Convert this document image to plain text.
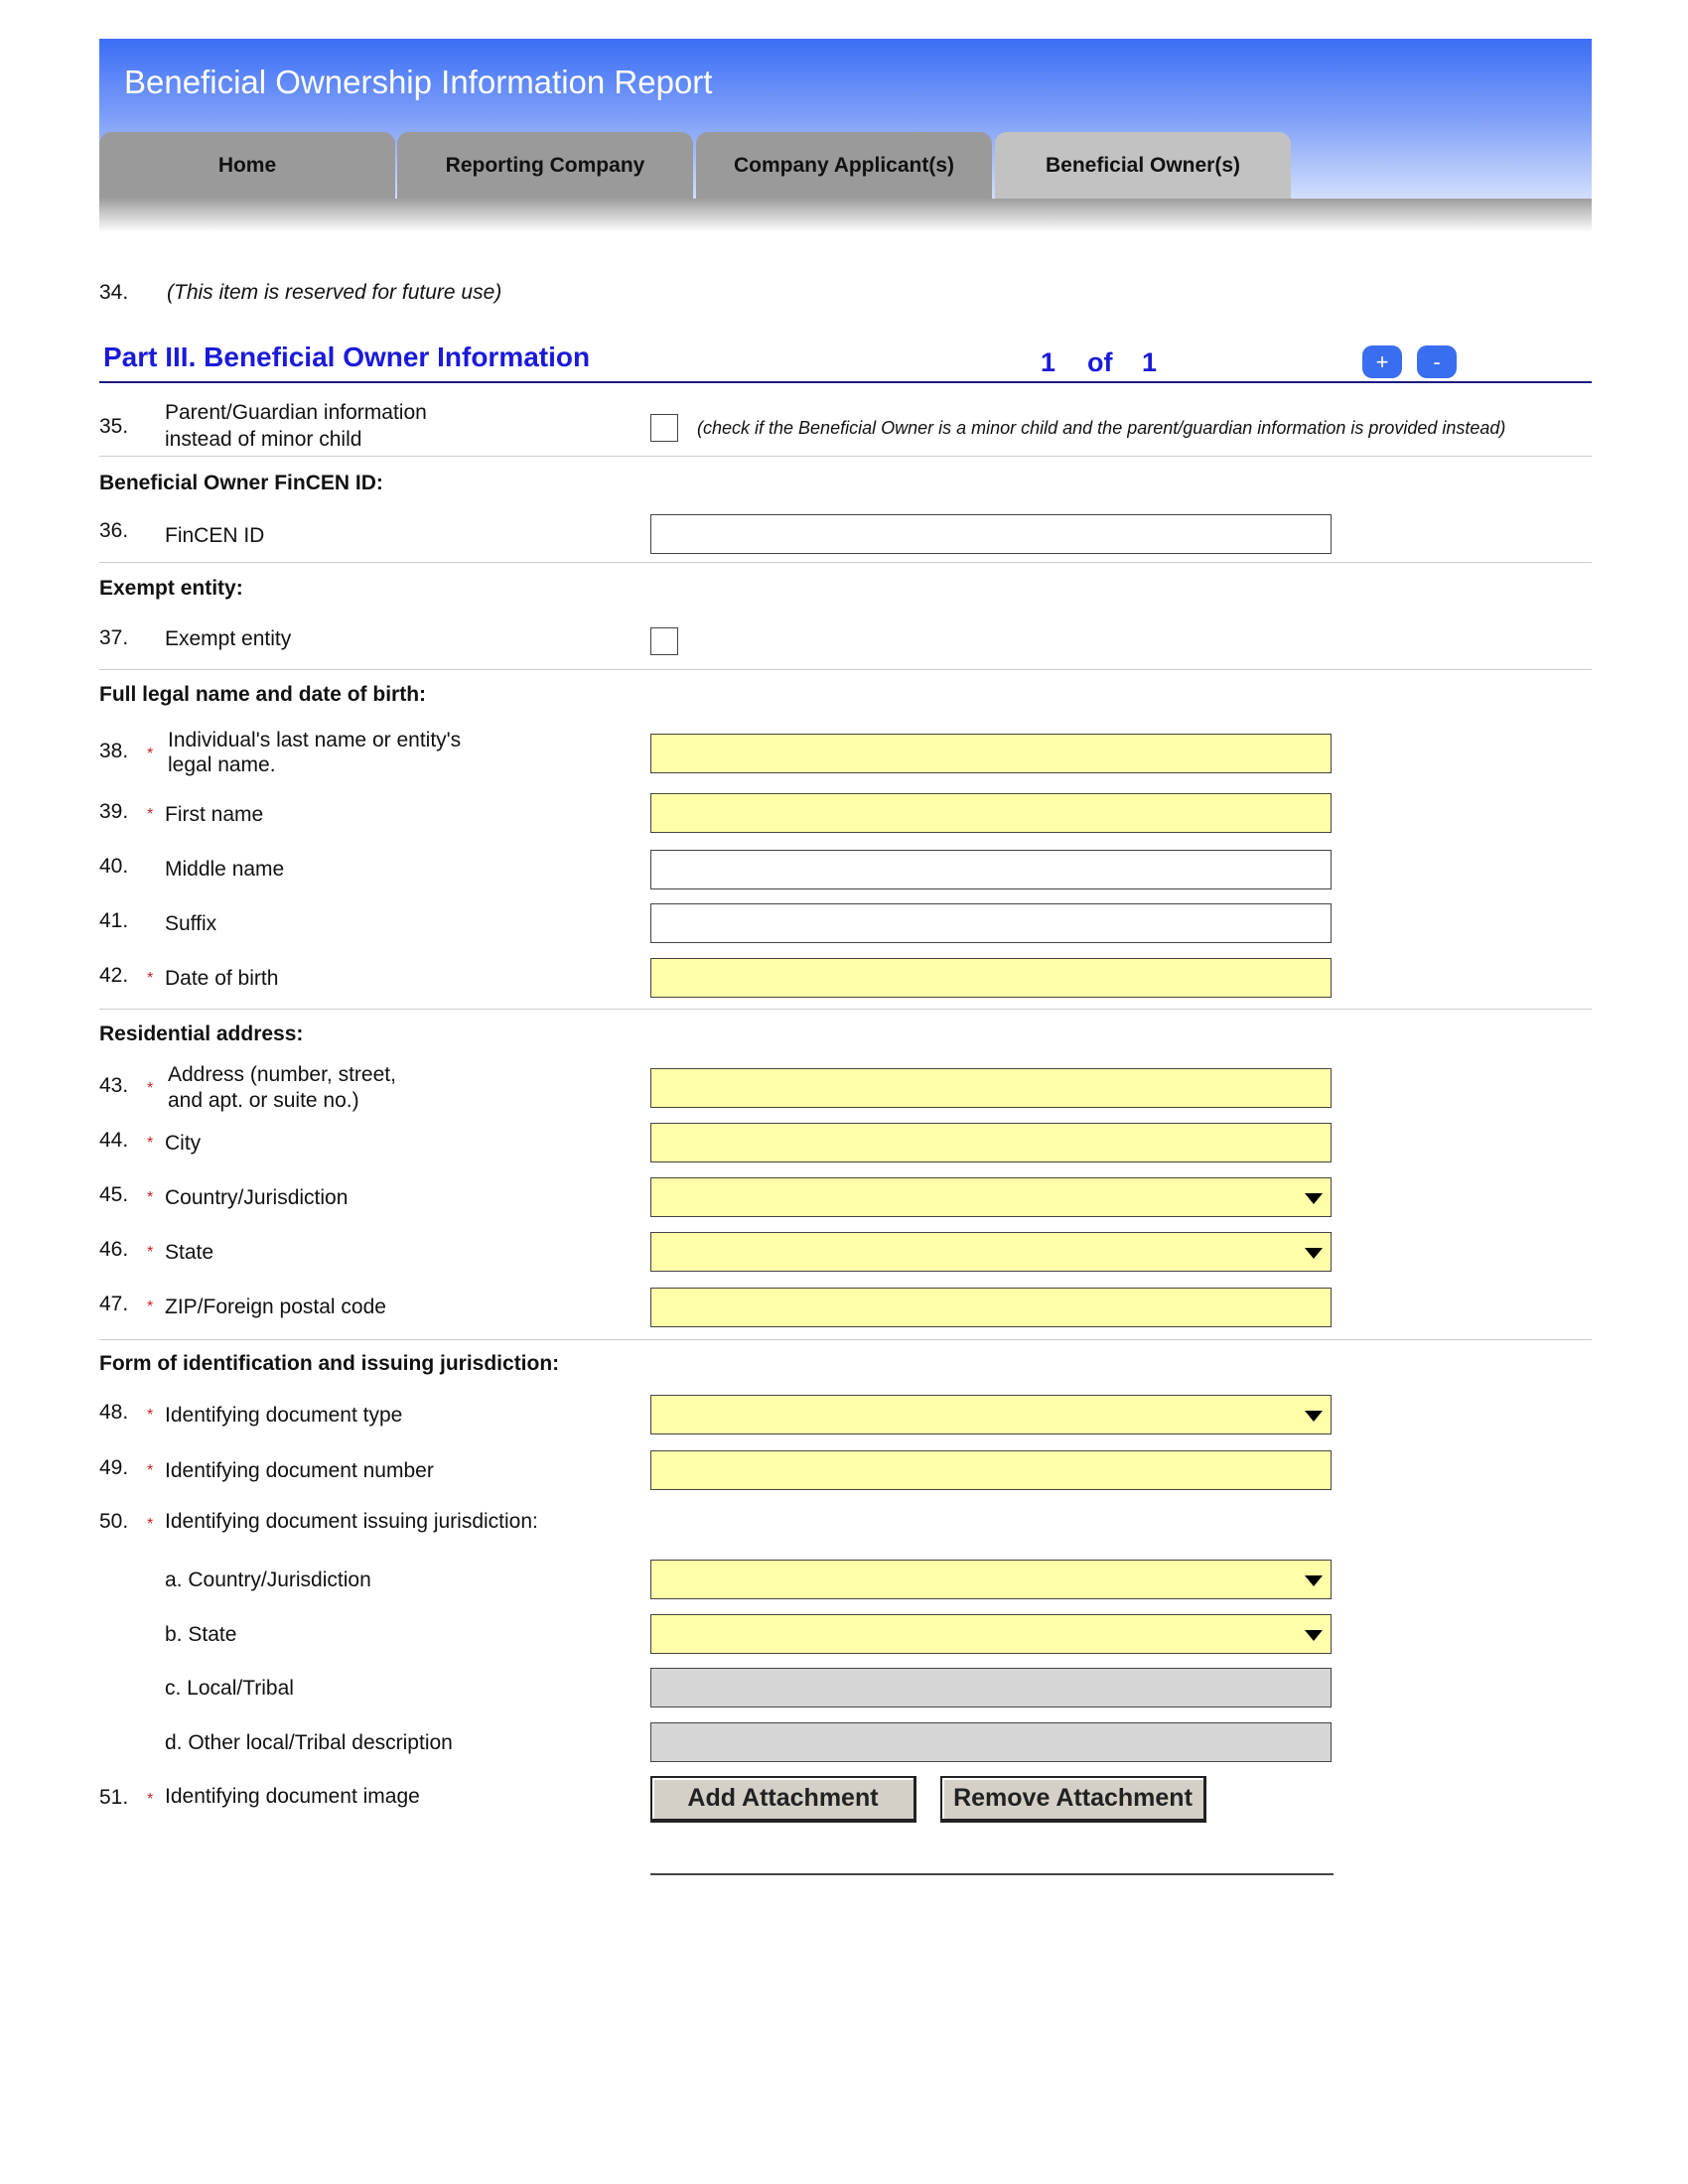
Beneficial Ownership Information Report
Home	Reporting Company	Company Applicant(s)	Beneficial Owner(s)
34. (This item is reserved for future use)
Part III. Beneficial Owner Information	1 of 1	+	-
35.
Parent/Guardian information
instead of minor child	(check if the Beneficial Owner is a minor child and the parent/guardian information is provided instead)
Beneficial Owner FinCEN ID:
36. FinCEN ID
Exempt entity:
37. Exempt entity
Full legal name and date of birth:
38. *
Individual's last name or entity's
legal name.
39. * First name
40. Middle name
41. Suffix
42. * Date of birth
Residential address:
43. *
Address (number, street,
and apt. or suite no.)
44. * City
45. * Country/Jurisdiction
46. * State
47. * ZIP/Foreign postal code
Form of identification and issuing jurisdiction:
48. * Identifying document type
49. * Identifying document number
50. * Identifying document issuing jurisdiction:
a. Country/Jurisdiction
b. State
c. Local/Tribal
d. Other local/Tribal description
51. * Identifying document image	Add Attachment	Remove Attachment
